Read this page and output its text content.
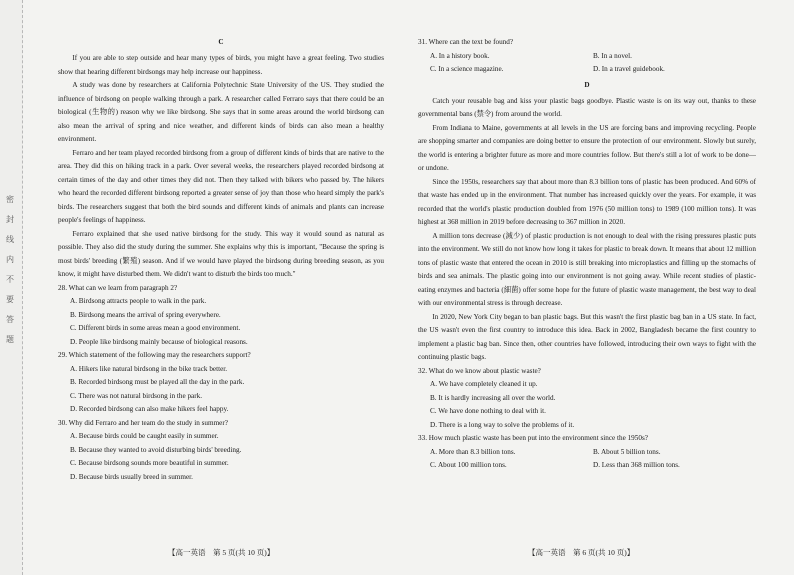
密 封 线 内 不 要 答 题
C

If you are able to step outside and hear many types of birds, you might have a great feeling. Two studies show that hearing different birdsongs may help increase our happiness.

A study was done by researchers at California Polytechnic State University of the US. They studied the influence of birdsong on people walking through a park. A researcher called Ferraro says that there could be an biological (生物的) reason why we like birdsong. She says that in some areas around the world birdsong can also mean the arrival of spring and nice weather, and different kinds of birds can also mean a healthy environment.

Ferraro and her team played recorded birdsong from a group of different kinds of birds that are native to the area. They did this on hiking track in a park. Over several weeks, the researchers played recorded birdsong at certain times of the day and other times they did not. Then they talked with bikers who passed by. The hikers who heard the recorded different birdsong reported a greater sense of joy than those who heard simply the park's birds. The researchers suggest that both the bird sounds and different kinds of animals and plants can increase people's feelings of happiness.

Ferraro explained that she used native birdsong for the study. This way it would sound as natural as possible. They also did the study during the summer. She explains why this is important, "Because the spring is most birds' breeding (繁殖) season. And if we would have played the birdsong during breeding season, as you know, it might have disturbed them. We didn't want to disturb the birds too much."

28. What can we learn from paragraph 2?
A. Birdsong attracts people to walk in the park.
B. Birdsong means the arrival of spring everywhere.
C. Different birds in some areas mean a good environment.
D. People like birdsong mainly because of biological reasons.
29. Which statement of the following may the researchers support?
A. Hikers like natural birdsong in the bike track better.
B. Recorded birdsong must be played all the day in the park.
C. There was not natural birdsong in the park.
D. Recorded birdsong can also make hikers feel happy.
30. Why did Ferraro and her team do the study in summer?
A. Because birds could be caught easily in summer.
B. Because they wanted to avoid disturbing birds' breeding.
C. Because birdsong sounds more beautiful in summer.
D. Because birds usually breed in summer.
【高一英语　第 5 页(共 10 页)】
31. Where can the text be found?
A. In a history book.	B. In a novel.
C. In a science magazine.	D. In a travel guidebook.
D

Catch your reusable bag and kiss your plastic bags goodbye. Plastic waste is on its way out, thanks to these governmental bans (禁令) from around the world.

From Indiana to Maine, governments at all levels in the US are forcing bans and improving recycling. People are shopping smarter and companies are doing better to ensure the protection of our environment. Slowly but surely, the world is entering a brighter future as more and more countries follow. But there's still a lot of work to be done—or undone.

Since the 1950s, researchers say that about more than 8.3 billion tons of plastic has been produced. And 60% of that waste has ended up in the environment. That number has increased quickly over the years. For example, it was recorded that the world's plastic production doubled from 1976 (50 million tons) to 1989 (100 million tons). It was highest at 368 million in 2019 before decreasing to 367 million in 2020.

A million tons decrease (減少) of plastic production is not enough to deal with the rising pressures plastic puts into the environment. We still do not know how long it takes for plastic to break down. It means that about 12 million tons of plastic waste that entered the ocean in 2010 is still breaking into microplastics and filling up the stomachs of birds and sea animals. The plastic going into our environment is not going away. While recent studies of plastic-eating enzymes and bacteria (細菌) offer some hope for the future of plastic waste management, the best way to deal with our environmental stress is through decrease.

In 2020, New York City began to ban plastic bags. But this wasn't the first plastic bag ban in a US state. In fact, the US wasn't even the first country to introduce this idea. Back in 2002, Bangladesh became the first country to implement a plastic bag ban. Since then, other countries have followed, introducing their own ways to fight with the continuing plastic bags.

32. What do we know about plastic waste?
A. We have completely cleaned it up.
B. It is hardly increasing all over the world.
C. We have done nothing to deal with it.
D. There is a long way to solve the problems of it.
33. How much plastic waste has been put into the environment since the 1950s?
A. More than 8.3 billion tons.	B. About 5 billion tons.
C. About 100 million tons.	D. Less than 368 million tons.
【高一英语　第 6 页(共 10 页)】
